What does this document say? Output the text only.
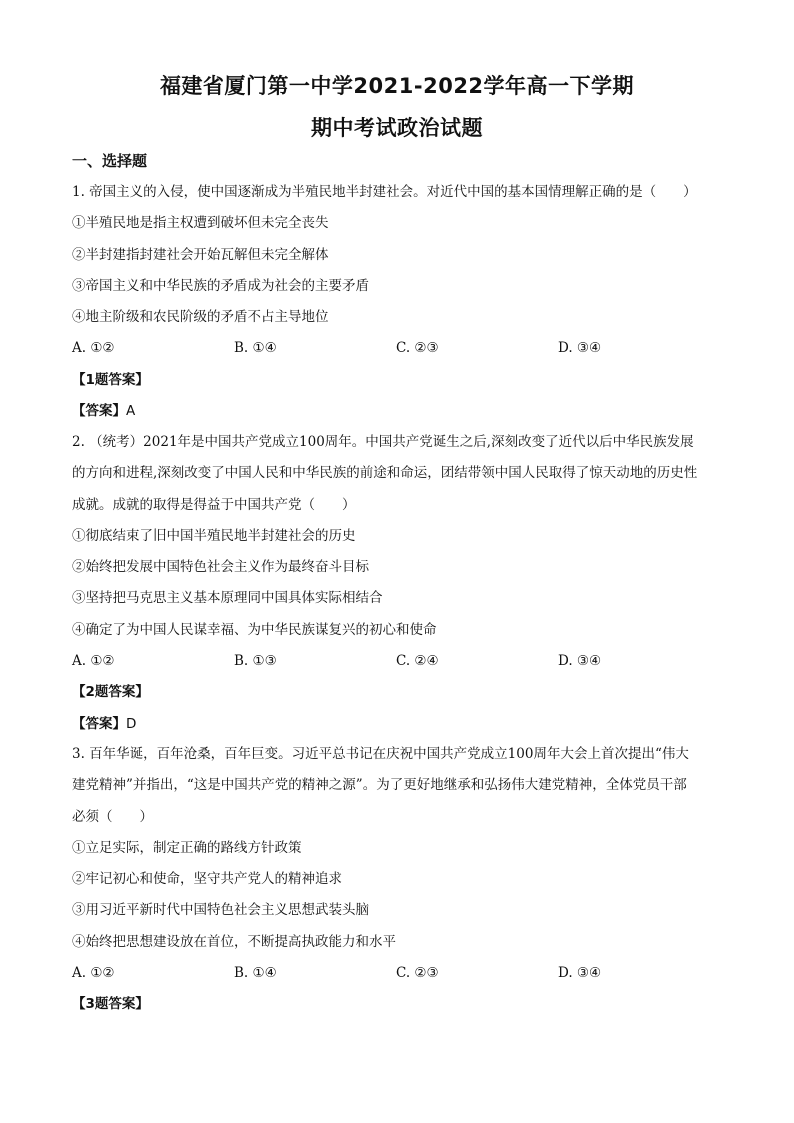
福建省厦门第一中学2021-2022学年高一下学期
期中考试政治试题
一、选择题
1. 帝国主义的入侵，使中国逐渐成为半殖民地半封建社会。对近代中国的基本国情理解正确的是（　　）
①半殖民地是指主权遭到破坏但未完全丧失
②半封建指封建社会开始瓦解但未完全解体
③帝国主义和中华民族的矛盾成为社会的主要矛盾
④地主阶级和农民阶级的矛盾不占主导地位
A. ①②	B. ①④	C. ②③	D. ③④
【1题答案】
【答案】A
2. （统考）2021年是中国共产党成立100周年。中国共产党诞生之后,深刻改变了近代以后中华民族发展
的方向和进程,深刻改变了中国人民和中华民族的前途和命运，团结带领中国人民取得了惊天动地的历史性
成就。成就的取得是得益于中国共产党（　　）
①彻底结束了旧中国半殖民地半封建社会的历史
②始终把发展中国特色社会主义作为最终奋斗目标
③坚持把马克思主义基本原理同中国具体实际相结合
④确定了为中国人民谋幸福、为中华民族谋复兴的初心和使命
A. ①②	B. ①③	C. ②④	D. ③④
【2题答案】
【答案】D
3. 百年华诞，百年沧桑，百年巨变。习近平总书记在庆祝中国共产党成立100周年大会上首次提出“伟大
建党精神”并指出，“这是中国共产党的精神之源”。为了更好地继承和弘扬伟大建党精神，全体党员干部
必须（　　）
①立足实际，制定正确的路线方针政策
②牢记初心和使命，坚守共产党人的精神追求
③用习近平新时代中国特色社会主义思想武装头脑
④始终把思想建设放在首位，不断提高执政能力和水平
A. ①②	B. ①④	C. ②③	D. ③④
【3题答案】
